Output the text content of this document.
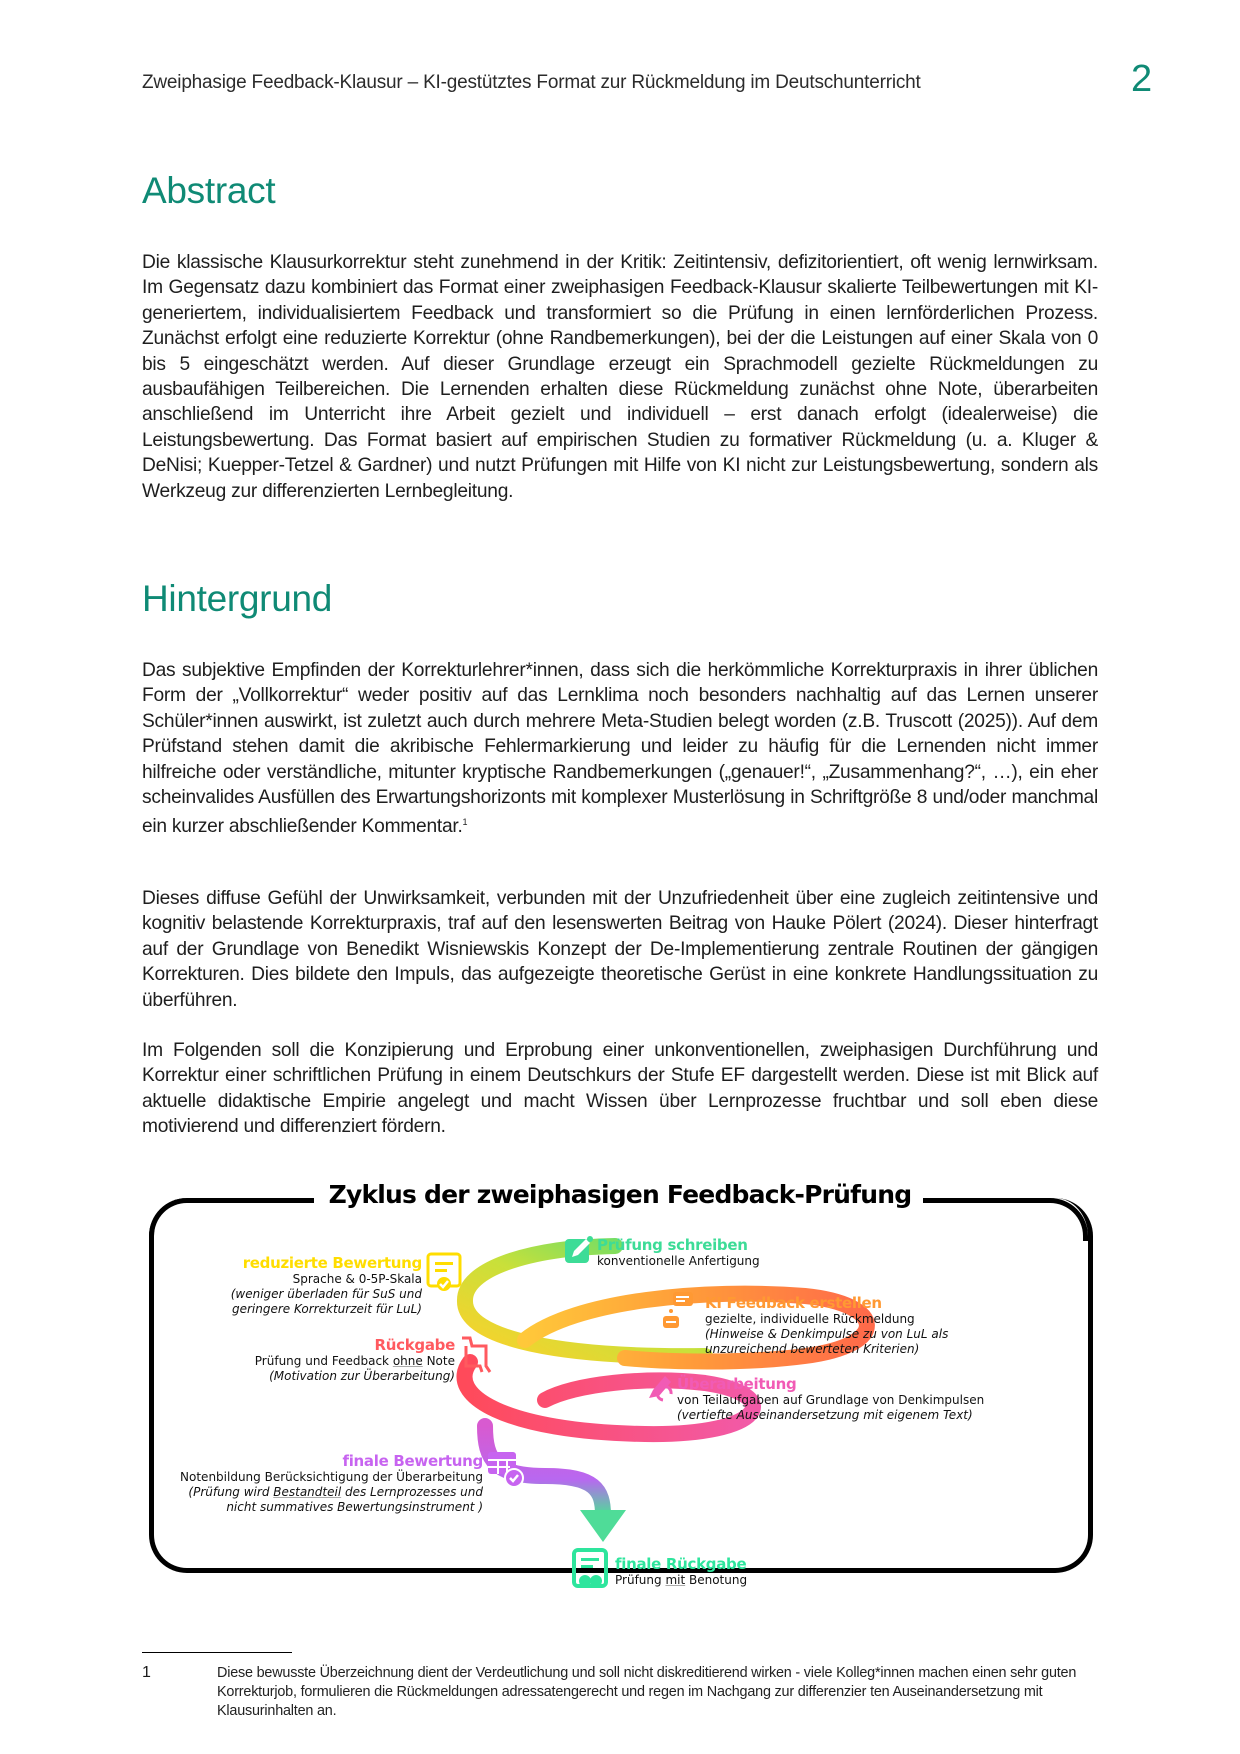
Zweiphasige Feedback-Klausur – KI-gestütztes Format zur Rückmeldung im Deutschunterricht	2
Abstract

Die klassische Klausurkorrektur steht zunehmend in der Kritik: Zeitintensiv, defizitorientiert, oft wenig lernwirksam. Im Gegensatz dazu kombiniert das Format einer zweiphasigen Feedback-Klausur skalierte Teilbewertungen mit KI-generiertem, individualisiertem Feedback und transformiert so die Prüfung in einen lernförderlichen Prozess. Zunächst erfolgt eine reduzierte Korrektur (ohne Randbemerkungen), bei der die Leistungen auf einer Skala von 0 bis 5 eingeschätzt werden. Auf dieser Grundlage erzeugt ein Sprachmodell gezielte Rückmeldungen zu ausbaufähigen Teilbereichen. Die Lernenden erhalten diese Rückmeldung zunächst ohne Note, überarbeiten anschließend im Unterricht ihre Arbeit gezielt und individuell – erst danach erfolgt (idealerweise) die Leistungsbewertung. Das Format basiert auf empirischen Studien zu formativer Rückmeldung (u. a. Kluger & DeNisi; Kuepper-Tetzel & Gardner) und nutzt Prüfungen mit Hilfe von KI nicht zur Leistungsbewertung, sondern als Werkzeug zur differenzierten Lernbegleitung.

Hintergrund

Das subjektive Empfinden der Korrekturlehrer*innen, dass sich die herkömmliche Korrekturpraxis in ihrer üblichen Form der „Vollkorrektur“ weder positiv auf das Lernklima noch besonders nachhaltig auf das Lernen unserer Schüler*innen auswirkt, ist zuletzt auch durch mehrere Meta-Studien belegt worden (z.B. Truscott (2025)). Auf dem Prüfstand stehen damit die akribische Fehlermarkierung und leider zu häufig für die Lernenden nicht immer hilfreiche oder verständliche, mitunter kryptische Randbemerkungen („genauer!“, „Zusammenhang?“, …), ein eher scheinvalides Ausfüllen des Erwartungshorizonts mit komplexer Musterlösung in Schriftgröße 8 und/oder manchmal ein kurzer abschließender Kommentar.$^1$

Dieses diffuse Gefühl der Unwirksamkeit, verbunden mit der Unzufriedenheit über eine zugleich zeitintensive und kognitiv belastende Korrekturpraxis, traf auf den lesenswerten Beitrag von Hauke Pölert (2024). Dieser hinterfragt auf der Grundlage von Benedikt Wisniewskis Konzept der De-Implementierung zentrale Routinen der gängigen Korrekturen. Dies bildete den Impuls, das aufgezeigte theoretische Gerüst in eine konkrete Handlungssituation zu überführen.

Im Folgenden soll die Konzipierung und Erprobung einer unkonventionellen, zweiphasigen Durchführung und Korrektur einer schriftlichen Prüfung in einem Deutschkurs der Stufe EF dargestellt werden. Diese ist mit Blick auf aktuelle didaktische Empirie angelegt und macht Wissen über Lernprozesse fruchtbar und soll eben diese motivierend und differenziert fördern.

Zyklus der zweiphasigen Feedback-Prüfung
Prüfung schreiben
konventionelle Anfertigung
KI Feedback erstellen
gezielte, individuelle Rückmeldung
(Hinweise & Denkimpulse zu von LuL als unzureichend bewerteten Kriterien)
Überarbeitung
von Teilaufgaben auf Grundlage von Denkimpulsen
(vertiefte Auseinandersetzung mit eigenem Text)
finale Rückgabe
Prüfung mit Benotung
finale Bewertung
Notenbildung Berücksichtigung der Überarbeitung
(Prüfung wird Bestandteil des Lernprozesses und
nicht summatives Bewertungsinstrument )
Rückgabe
Prüfung und Feedback ohne Note
(Motivation zur Überarbeitung)
reduzierte Bewertung
Sprache & 0-5P-Skala
(weniger überladen für SuS und
geringere Korrekturzeit für LuL)
1	Diese bewusste Überzeichnung dient der Verdeutlichung und soll nicht diskreditierend wirken - viele Kolleg*innen machen einen sehr guten Korrekturjob, formulieren die Rückmeldungen adressatengerecht und regen im Nachgang zur differenzier ten Auseinandersetzung mit Klausurinhalten an.
